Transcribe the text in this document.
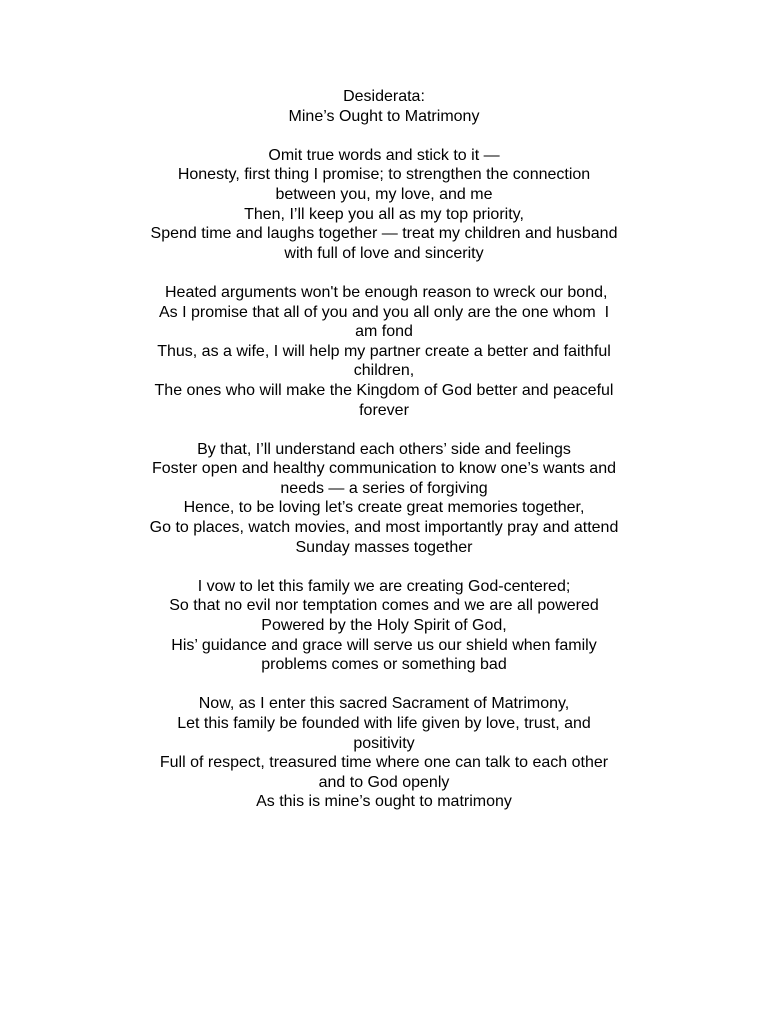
Desiderata:
Mine’s Ought to Matrimony
Omit true words and stick to it —
Honesty, first thing I promise; to strengthen the connection
between you, my love, and me
Then, I’ll keep you all as my top priority,
Spend time and laughs together — treat my children and husband
with full of love and sincerity
Heated arguments won't be enough reason to wreck our bond,
As I promise that all of you and you all only are the one whom  I
am fond
Thus, as a wife, I will help my partner create a better and faithful
children,
The ones who will make the Kingdom of God better and peaceful
forever
By that, I’ll understand each others’ side and feelings
Foster open and healthy communication to know one’s wants and
needs — a series of forgiving
Hence, to be loving let’s create great memories together,
Go to places, watch movies, and most importantly pray and attend
Sunday masses together
I vow to let this family we are creating God-centered;
So that no evil nor temptation comes and we are all powered
Powered by the Holy Spirit of God,
His’ guidance and grace will serve us our shield when family
problems comes or something bad
Now, as I enter this sacred Sacrament of Matrimony,
Let this family be founded with life given by love, trust, and
positivity
Full of respect, treasured time where one can talk to each other
and to God openly
As this is mine’s ought to matrimony
